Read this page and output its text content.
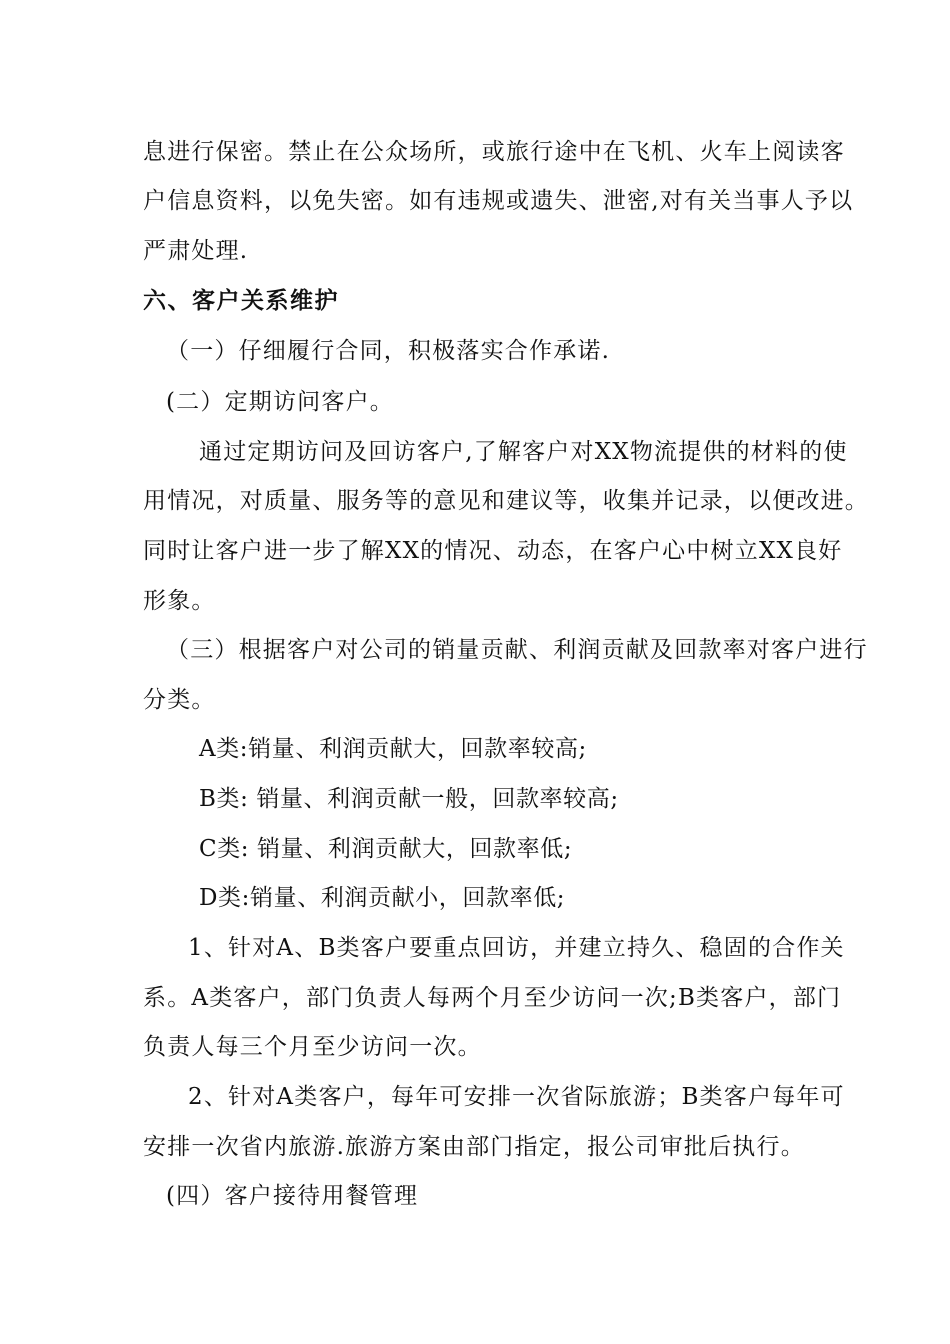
息进行保密。禁止在公众场所，或旅行途中在飞机、火车上阅读客
户信息资料，以免失密。如有违规或遗失、泄密,对有关当事人予以
严肃处理.
六、客户关系维护
（一）仔细履行合同，积极落实合作承诺.
(二）定期访问客户。
通过定期访问及回访客户,了解客户对XX物流提供的材料的使
用情况，对质量、服务等的意见和建议等，收集并记录，以便改进。
同时让客户进一步了解XX的情况、动态，在客户心中树立XX良好
形象。
（三）根据客户对公司的销量贡献、利润贡献及回款率对客户进行
分类。
A类:销量、利润贡献大，回款率较高;
B类: 销量、利润贡献一般，回款率较高;
C类: 销量、利润贡献大，回款率低;
D类:销量、利润贡献小，回款率低;
1、针对A、B类客户要重点回访，并建立持久、稳固的合作关
系。A类客户，部门负责人每两个月至少访问一次;B类客户，部门
负责人每三个月至少访问一次。
2、针对A类客户，每年可安排一次省际旅游；B类客户每年可
安排一次省内旅游.旅游方案由部门指定，报公司审批后执行。
(四）客户接待用餐管理
